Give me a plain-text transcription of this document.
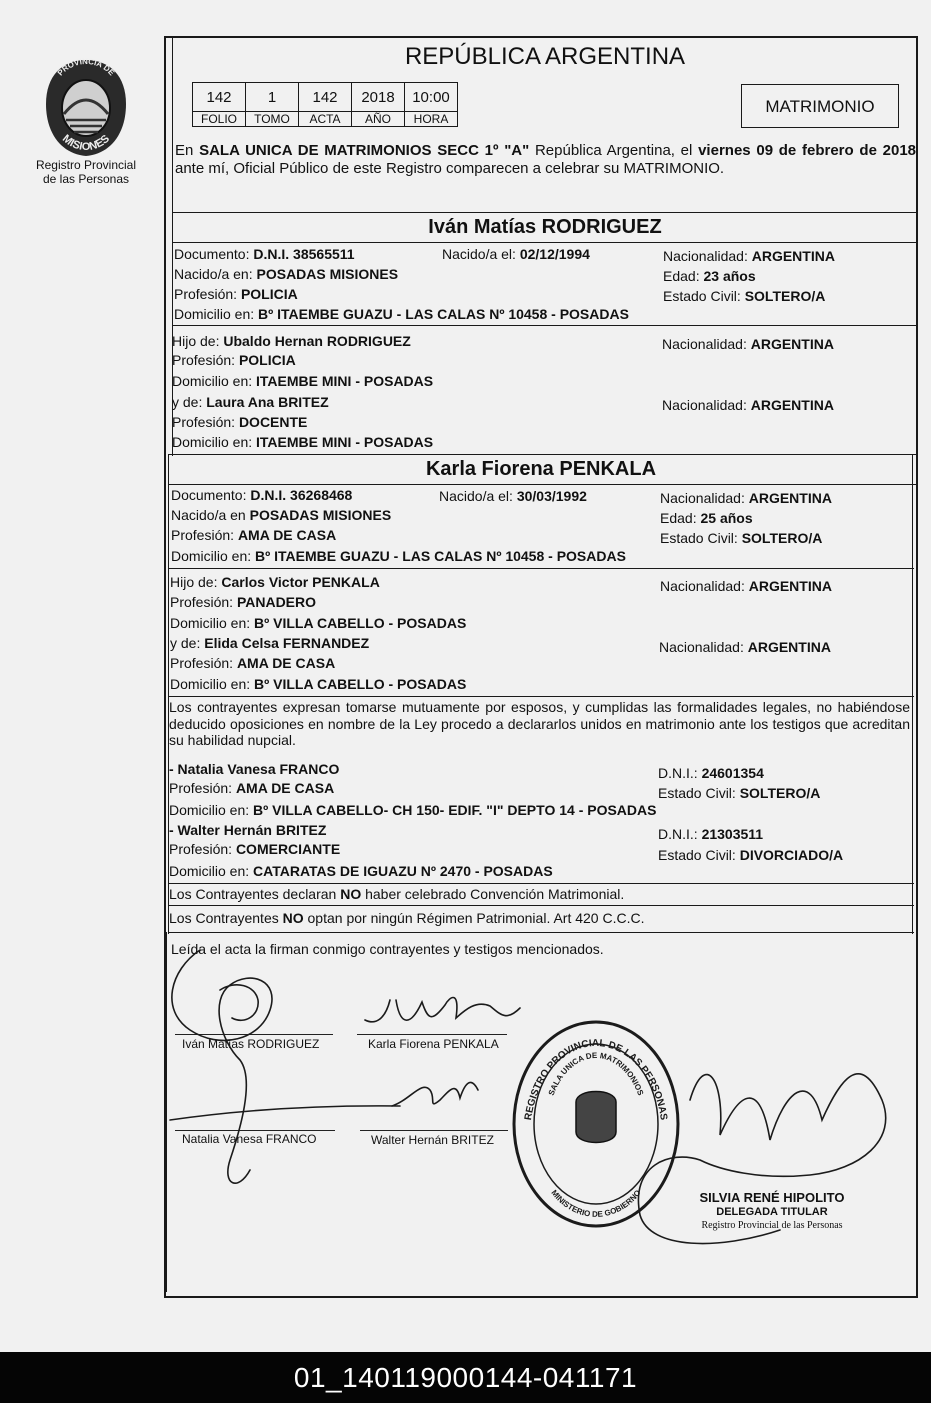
PROVINCIA DE
MISIONES
Registro Provincial
de las Personas
REPÚBLICA ARGENTINA
142	1	142	2018	10:00
FOLIO	TOMO	ACTA	AÑO	HORA
MATRIMONIO
En SALA UNICA DE MATRIMONIOS SECC 1º "A" República Argentina, el viernes 09 de febrero de 2018 ante mí, Oficial Público de este Registro comparecen a celebrar su MATRIMONIO.
Iván Matías RODRIGUEZ
Documento: D.N.I. 38565511	Nacido/a el: 02/12/1994	Nacionalidad: ARGENTINA
Nacido/a en: POSADAS MISIONES	Edad: 23 años
Profesión: POLICIA	Estado Civil: SOLTERO/A
Domicilio en: Bº ITAEMBE GUAZU - LAS CALAS Nº 10458 - POSADAS
Hijo de: Ubaldo Hernan RODRIGUEZ	Nacionalidad: ARGENTINA
Profesión: POLICIA
Domicilio en: ITAEMBE MINI - POSADAS
y de: Laura Ana BRITEZ	Nacionalidad: ARGENTINA
Profesión: DOCENTE
Domicilio en: ITAEMBE MINI - POSADAS
Karla Fiorena PENKALA
Documento: D.N.I. 36268468	Nacido/a el: 30/03/1992	Nacionalidad: ARGENTINA
Nacido/a en POSADAS MISIONES	Edad: 25 años
Profesión: AMA DE CASA	Estado Civil: SOLTERO/A
Domicilio en: Bº ITAEMBE GUAZU - LAS CALAS Nº 10458 - POSADAS
Hijo de: Carlos Victor PENKALA	Nacionalidad: ARGENTINA
Profesión: PANADERO
Domicilio en: Bº VILLA CABELLO - POSADAS
y de: Elida Celsa FERNANDEZ	Nacionalidad: ARGENTINA
Profesión: AMA DE CASA
Domicilio en: Bº VILLA CABELLO - POSADAS
Los contrayentes expresan tomarse mutuamente por esposos, y cumplidas las formalidades legales, no habiéndose deducido oposiciones en nombre de la Ley procedo a declararlos unidos en matrimonio ante los testigos que acreditan su habilidad nupcial.
- Natalia Vanesa FRANCO	D.N.I.: 24601354
Profesión: AMA DE CASA	Estado Civil: SOLTERO/A
Domicilio en: Bº VILLA CABELLO- CH 150- EDIF. "I" DEPTO 14 - POSADAS
- Walter Hernán BRITEZ	D.N.I.: 21303511
Profesión: COMERCIANTE	Estado Civil: DIVORCIADO/A
Domicilio en: CATARATAS DE IGUAZU Nº 2470 - POSADAS
Los Contrayentes declaran NO haber celebrado Convención Matrimonial.
Los Contrayentes NO optan por ningún Régimen Patrimonial. Art 420 C.C.C.
Leída el acta la firman conmigo contrayentes y testigos mencionados.
Iván Matías RODRIGUEZ	Karla Fiorena PENKALA
Natalia Vanesa FRANCO	Walter Hernán BRITEZ
REGISTRO PROVINCIAL DE LAS PERSONAS
SALA UNICA DE MATRIMONIOS
MINISTERIO DE GOBIERNO	SILVIA RENÉ HIPOLITO
DELEGADA TITULAR
Registro Provincial de las Personas
01_140119000144-041171
